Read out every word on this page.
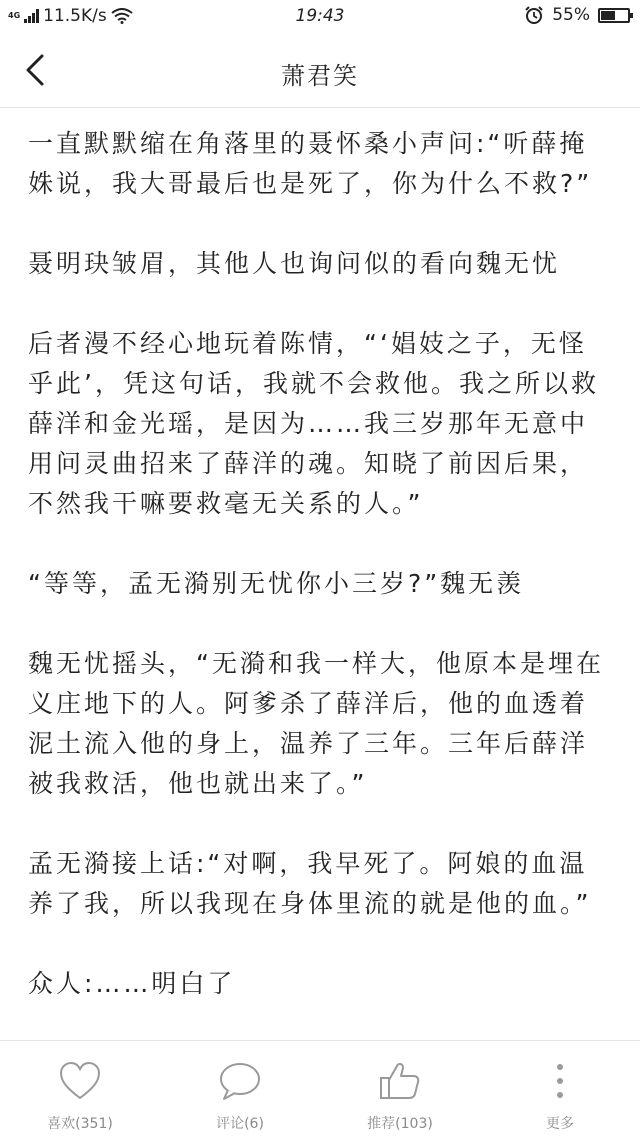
4G 11.5K/s	19:43	55%
萧君笑

一直默默缩在角落里的聂怀桑小声问:“听薛掩姝说，我大哥最后也是死了，你为什么不救?”

聂明玦皱眉，其他人也询问似的看向魏无忧

后者漫不经心地玩着陈情，“‘娼妓之子，无怪乎此’，凭这句话，我就不会救他。我之所以救薛洋和金光瑶，是因为……我三岁那年无意中用问灵曲招来了薛洋的魂。知晓了前因后果，不然我干嘛要救毫无关系的人。”

“等等，孟无漪别无忧你小三岁?”魏无羡

魏无忧摇头，“无漪和我一样大，他原本是埋在义庄地下的人。阿爹杀了薛洋后，他的血透着泥土流入他的身上，温养了三年。三年后薛洋被我救活，他也就出来了。”

孟无漪接上话:“对啊，我早死了。阿娘的血温养了我，所以我现在身体里流的就是他的血。”

众人:……明白了

喜欢(351)	评论(6)	推荐(103)	更多
